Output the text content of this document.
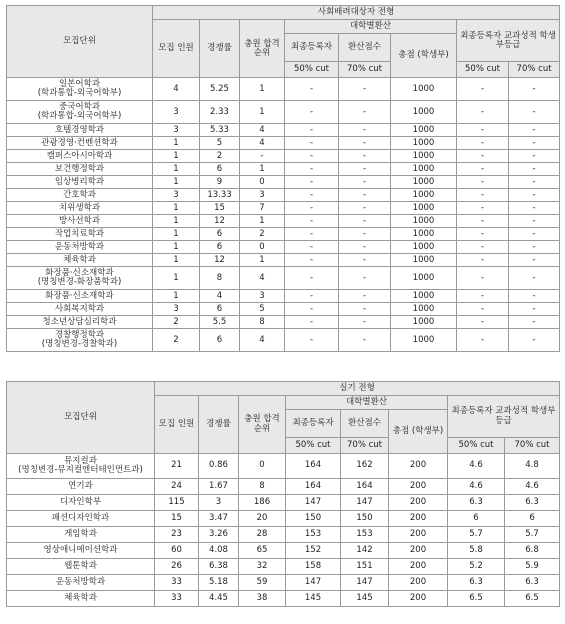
모집단위	사회배려대상자 전형							
	모집 인원	경쟁률	충원 합격 순위	대학별환산			최종등록자 교과성적 학생부등급	
				최종등록자	환산점수	총점 (학생부)		
				50% cut	70% cut		50% cut	70% cut
일본어학과
(학과통합-외국어학부)	4	5.25	1	-	-	1000	-	-
중국어학과
(학과통합-외국어학부)	3	2.33	1	-	-	1000	-	-
호텔경영학과	3	5.33	4	-	-	1000	-	-
관광경영·컨벤션학과	1	5	4	-	-	1000	-	-
캠퍼스아시아학과	1	2	-	-	-	1000	-	-
보건행정학과	1	6	1	-	-	1000	-	-
임상병리학과	1	9	0	-	-	1000	-	-
간호학과	3	13.33	3	-	-	1000	-	-
치위생학과	1	15	7	-	-	1000	-	-
방사선학과	1	12	1	-	-	1000	-	-
작업치료학과	1	6	2	-	-	1000	-	-
운동처방학과	1	6	0	-	-	1000	-	-
체육학과	1	12	1	-	-	1000	-	-
화장품·신소재학과
(명칭변경-화장품학과)	1	8	4	-	-	1000	-	-
화장품·신소재학과	1	4	3	-	-	1000	-	-
사회복지학과	3	6	5	-	-	1000	-	-
청소년상담심리학과	2	5.5	8	-	-	1000	-	-
경찰행정학과
(명칭변경-경찰학과)	2	6	4	-	-	1000	-	-
모집단위	실기 전형							
	모집 인원	경쟁률	충원 합격 순위	대학별환산			최종등록자 교과성적 학생부등급	
				최종등록자	환산점수	총점 (학생부)		
				50% cut	70% cut		50% cut	70% cut
뮤지컬과
(명칭변경-뮤지컬엔터테인먼트과)	21	0.86	0	164	162	200	4.6	4.8
연기과	24	1.67	8	164	164	200	4.6	4.6
디자인학부	115	3	186	147	147	200	6.3	6.3
패션디자인학과	15	3.47	20	150	150	200	6	6
게임학과	23	3.26	28	153	153	200	5.7	5.7
영상애니메이션학과	60	4.08	65	152	142	200	5.8	6.8
웹툰학과	26	6.38	32	158	151	200	5.2	5.9
운동처방학과	33	5.18	59	147	147	200	6.3	6.3
체육학과	33	4.45	38	145	145	200	6.5	6.5
